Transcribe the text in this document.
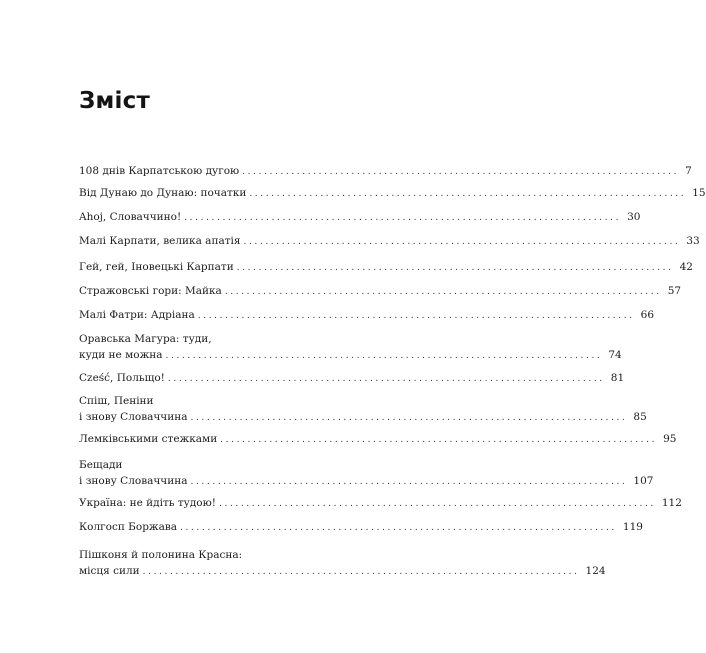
Зміст
108 днів Карпатською дугою ................................................................................ 7
Від Дунаю до Дунаю: початки ................................................................................ 15
Ahoj, Словаччино! ................................................................................ 30
Малі Карпати, велика апатія ................................................................................ 33
Гей, гей, Іновецькі Карпати ................................................................................ 42
Стражовські гори: Майка ................................................................................ 57
Малі Фатри: Адріана ................................................................................ 66
Оравська Магура: туди,
куди не можна ................................................................................ 74
Cześć, Польщо! ................................................................................ 81
Спіш, Пеніни
і знову Словаччина ................................................................................ 85
Лемківськими стежками ................................................................................ 95
Бещади
і знову Словаччина ................................................................................ 107
Україна: не йдіть тудою! ................................................................................ 112
Колгосп Боржава ................................................................................ 119
Пішконя й полонина Красна:
місця сили ................................................................................ 124
